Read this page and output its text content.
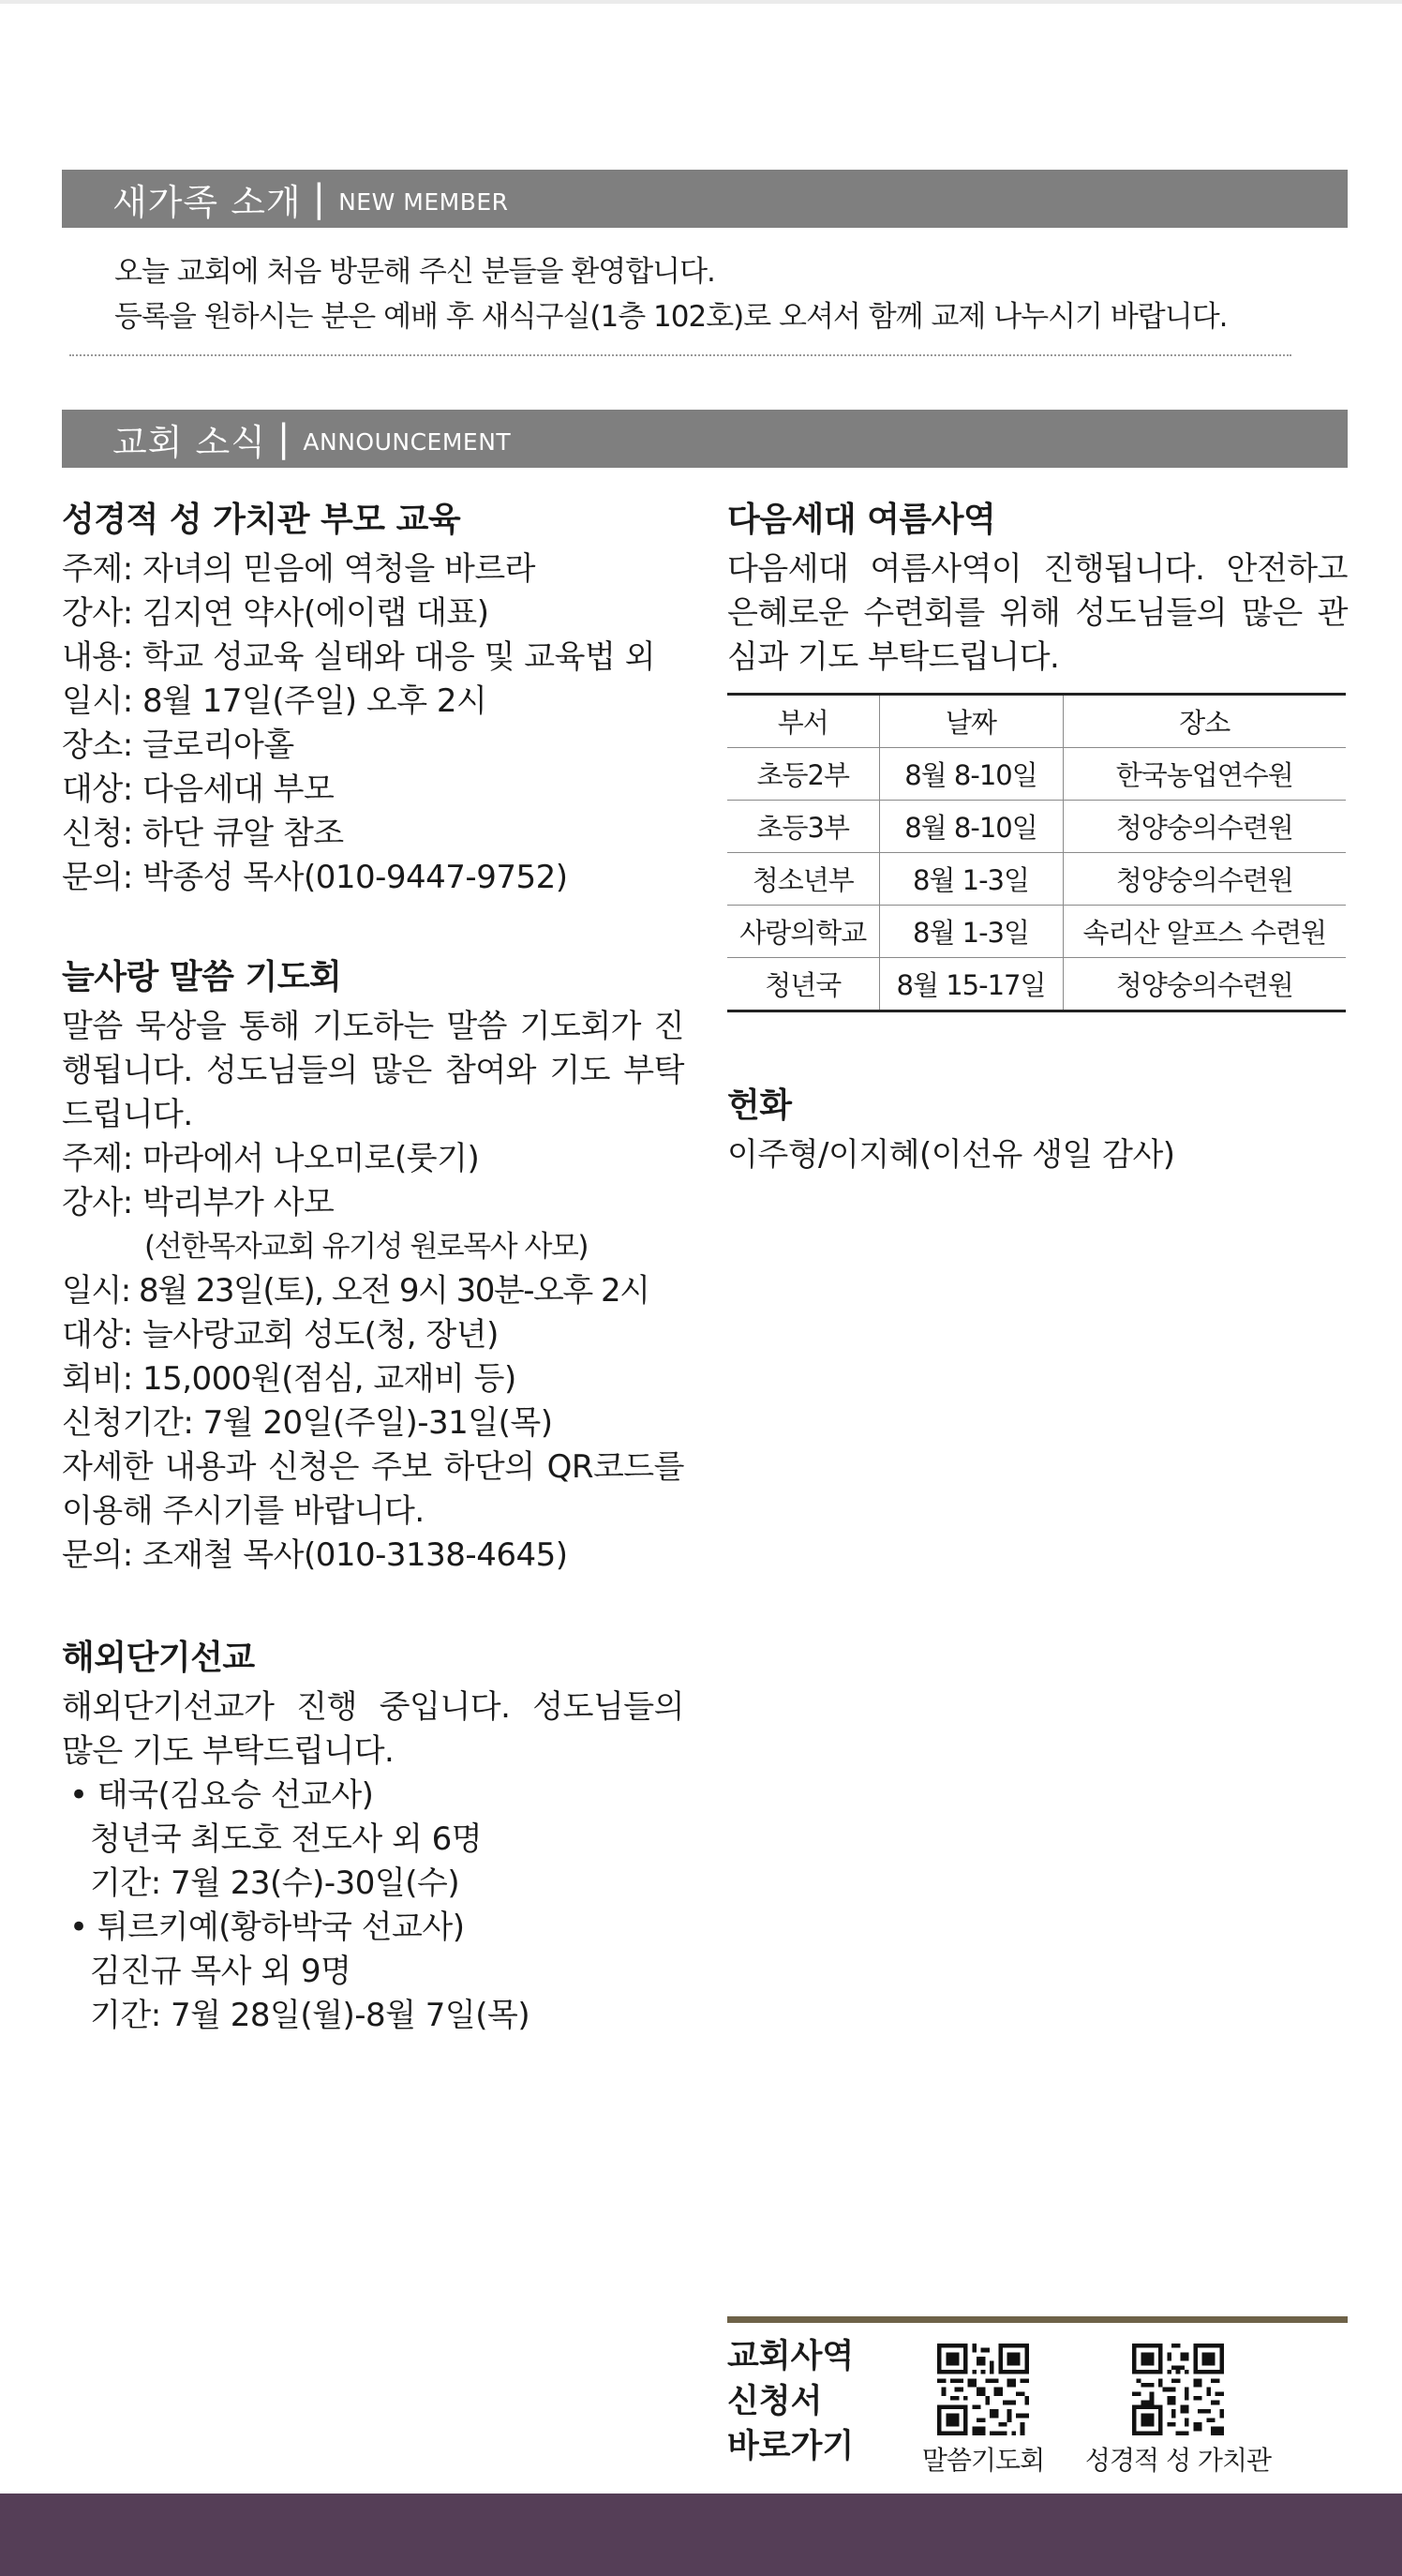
새가족 소개 | NEW MEMBER
오늘 교회에 처음 방문해 주신 분들을 환영합니다.
등록을 원하시는 분은 예배 후 새식구실(1층 102호)로 오셔서 함께 교제 나누시기 바랍니다.
교회 소식 | ANNOUNCEMENT
성경적 성 가치관 부모 교육
주제: 자녀의 믿음에 역청을 바르라
강사: 김지연 약사(에이랩 대표)
내용: 학교 성교육 실태와 대응 및 교육법 외
일시: 8월 17일(주일) 오후 2시
장소: 글로리아홀
대상: 다음세대 부모
신청: 하단 큐알 참조
문의: 박종성 목사(010-9447-9752)
늘사랑 말씀 기도회
말씀 묵상을 통해 기도하는 말씀 기도회가 진행됩니다. 성도님들의 많은 참여와 기도 부탁드립니다.
주제: 마라에서 나오미로(룻기)
강사: 박리부가 사모
(선한목자교회 유기성 원로목사 사모)
일시: 8월 23일(토), 오전 9시 30분-오후 2시
대상: 늘사랑교회 성도(청, 장년)
회비: 15,000원(점심, 교재비 등)
신청기간: 7월 20일(주일)-31일(목)
자세한 내용과 신청은 주보 하단의 QR코드를 이용해 주시기를 바랍니다.
문의: 조재철 목사(010-3138-4645)
해외단기선교
해외단기선교가 진행 중입니다. 성도님들의 많은 기도 부탁드립니다.
• 태국(김요승 선교사)
청년국 최도호 전도사 외 6명
기간: 7월 23(수)-30일(수)
• 튀르키예(황하박국 선교사)
김진규 목사 외 9명
기간: 7월 28일(월)-8월 7일(목)
다음세대 여름사역
다음세대 여름사역이 진행됩니다. 안전하고 은혜로운 수련회를 위해 성도님들의 많은 관심과 기도 부탁드립니다.
부서	날짜	장소
초등2부	8월 8-10일	한국농업연수원
초등3부	8월 8-10일	청양숭의수련원
청소년부	8월 1-3일	청양숭의수련원
사랑의학교	8월 1-3일	속리산 알프스 수련원
청년국	8월 15-17일	청양숭의수련원
헌화
이주형/이지혜(이선유 생일 감사)
교회사역
신청서
바로가기	말씀기도회	성경적 성 가치관
